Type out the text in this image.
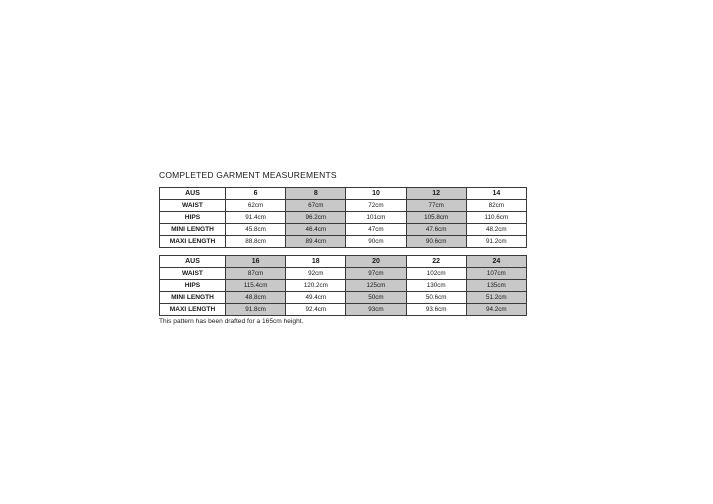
COMPLETED GARMENT MEASUREMENTS
AUS	6	8	10	12	14
WAIST	62cm	67cm	72cm	77cm	82cm
HIPS	91.4cm	96.2cm	101cm	105.8cm	110.6cm
MINI LENGTH	45.8cm	46.4cm	47cm	47.6cm	48.2cm
MAXI LENGTH	88.8cm	89.4cm	90cm	90.6cm	91.2cm
AUS	16	18	20	22	24
WAIST	87cm	92cm	97cm	102cm	107cm
HIPS	115.4cm	120.2cm	125cm	130cm	135cm
MINI LENGTH	48.8cm	49.4cm	50cm	50.6cm	51.2cm
MAXI LENGTH	91.8cm	92.4cm	93cm	93.6cm	94.2cm
This pattern has been drafted for a 165cm height.
